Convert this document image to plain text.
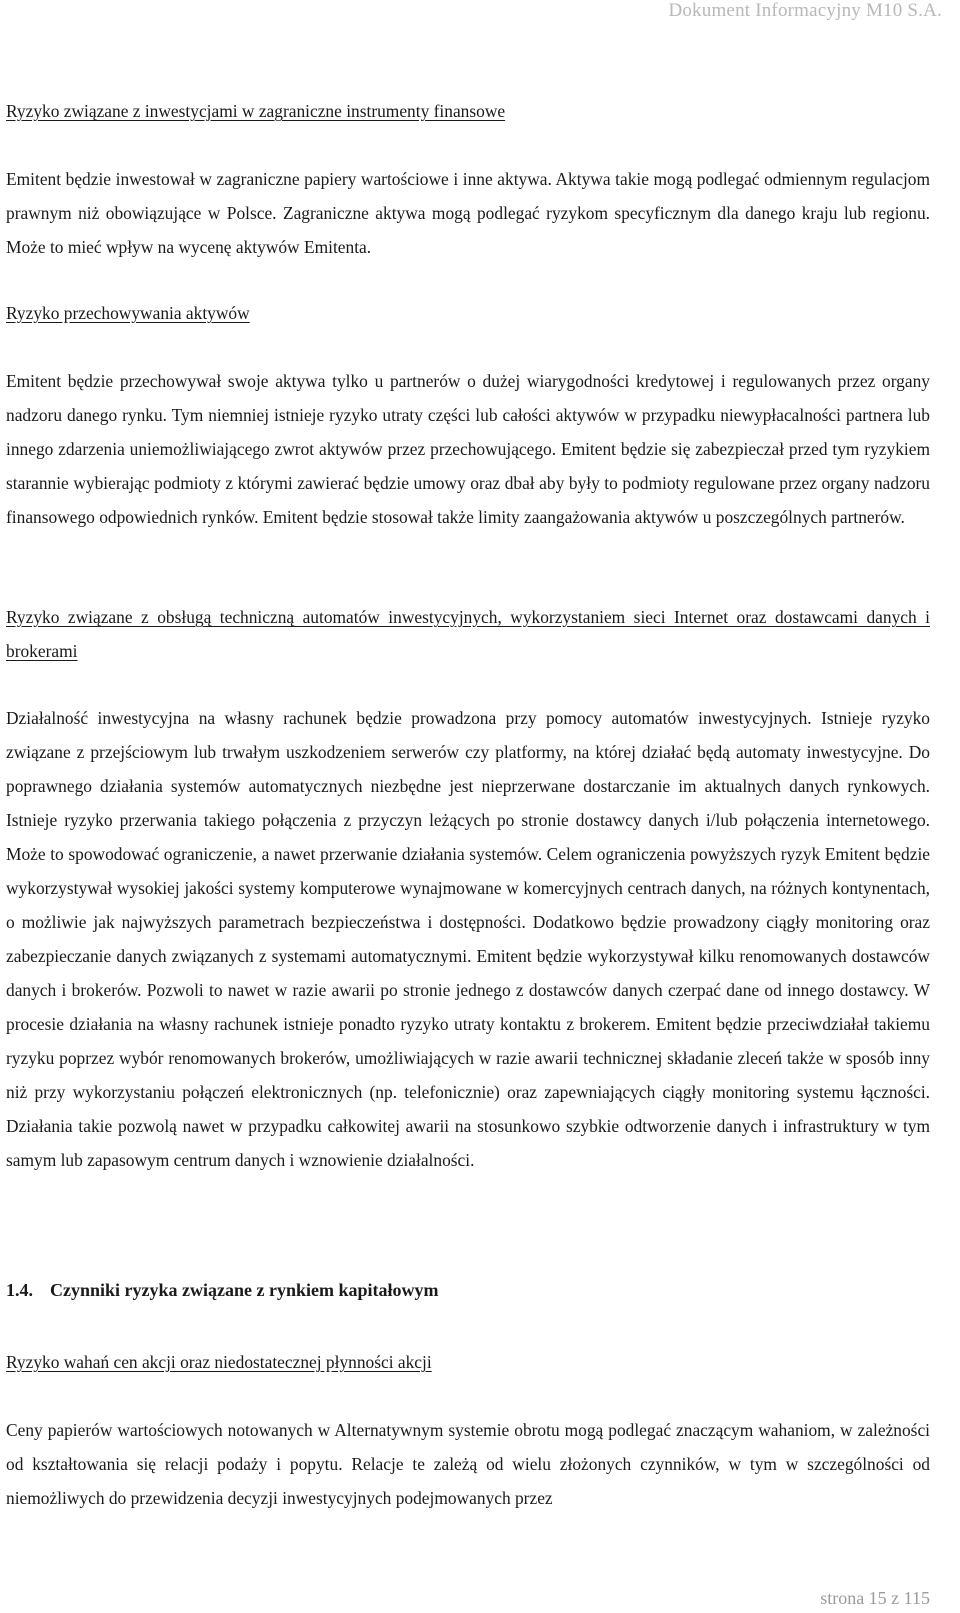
Dokument Informacyjny M10 S.A.
Ryzyko związane z inwestycjami w zagraniczne instrumenty finansowe
Emitent będzie inwestował w zagraniczne papiery wartościowe i inne aktywa. Aktywa takie mogą podlegać odmiennym regulacjom prawnym niż obowiązujące w Polsce. Zagraniczne aktywa mogą podlegać ryzykom specyficznym dla danego kraju lub regionu. Może to mieć wpływ na wycenę aktywów Emitenta.
Ryzyko przechowywania aktywów
Emitent będzie przechowywał swoje aktywa tylko u partnerów o dużej wiarygodności kredytowej i regulowanych przez organy nadzoru danego rynku. Tym niemniej istnieje ryzyko utraty części lub całości aktywów w przypadku niewypłacalności partnera lub innego zdarzenia uniemożliwiającego zwrot aktywów przez przechowującego. Emitent będzie się zabezpieczał przed tym ryzykiem starannie wybierając podmioty z którymi zawierać będzie umowy oraz dbał aby były to podmioty regulowane przez organy nadzoru finansowego odpowiednich rynków. Emitent będzie stosował także limity zaangażowania aktywów u poszczególnych partnerów.
Ryzyko związane z obsługą techniczną automatów inwestycyjnych, wykorzystaniem sieci Internet oraz dostawcami danych i brokerami
Działalność inwestycyjna na własny rachunek będzie prowadzona przy pomocy automatów inwestycyjnych. Istnieje ryzyko związane z przejściowym lub trwałym uszkodzeniem serwerów czy platformy, na której działać będą automaty inwestycyjne. Do poprawnego działania systemów automatycznych niezbędne jest nieprzerwane dostarczanie im aktualnych danych rynkowych. Istnieje ryzyko przerwania takiego połączenia z przyczyn leżących po stronie dostawcy danych i/lub połączenia internetowego. Może to spowodować ograniczenie, a nawet przerwanie działania systemów. Celem ograniczenia powyższych ryzyk Emitent będzie wykorzystywał wysokiej jakości systemy komputerowe wynajmowane w komercyjnych centrach danych, na różnych kontynentach, o możliwie jak najwyższych parametrach bezpieczeństwa i dostępności. Dodatkowo będzie prowadzony ciągły monitoring oraz zabezpieczanie danych związanych z systemami automatycznymi. Emitent będzie wykorzystywał kilku renomowanych dostawców danych i brokerów. Pozwoli to nawet w razie awarii po stronie jednego z dostawców danych czerpać dane od innego dostawcy. W procesie działania na własny rachunek istnieje ponadto ryzyko utraty kontaktu z brokerem. Emitent będzie przeciwdziałał takiemu ryzyku poprzez wybór renomowanych brokerów, umożliwiających w razie awarii technicznej składanie zleceń także w sposób inny niż przy wykorzystaniu połączeń elektronicznych (np. telefonicznie) oraz zapewniających ciągły monitoring systemu łączności. Działania takie pozwolą nawet w przypadku całkowitej awarii na stosunkowo szybkie odtworzenie danych i infrastruktury w tym samym lub zapasowym centrum danych i wznowienie działalności.
1.4. Czynniki ryzyka związane z rynkiem kapitałowym
Ryzyko wahań cen akcji oraz niedostatecznej płynności akcji
Ceny papierów wartościowych notowanych w Alternatywnym systemie obrotu mogą podlegać znaczącym wahaniom, w zależności od kształtowania się relacji podaży i popytu. Relacje te zależą od wielu złożonych czynników, w tym w szczególności od niemożliwych do przewidzenia decyzji inwestycyjnych podejmowanych przez
strona 15 z 115
